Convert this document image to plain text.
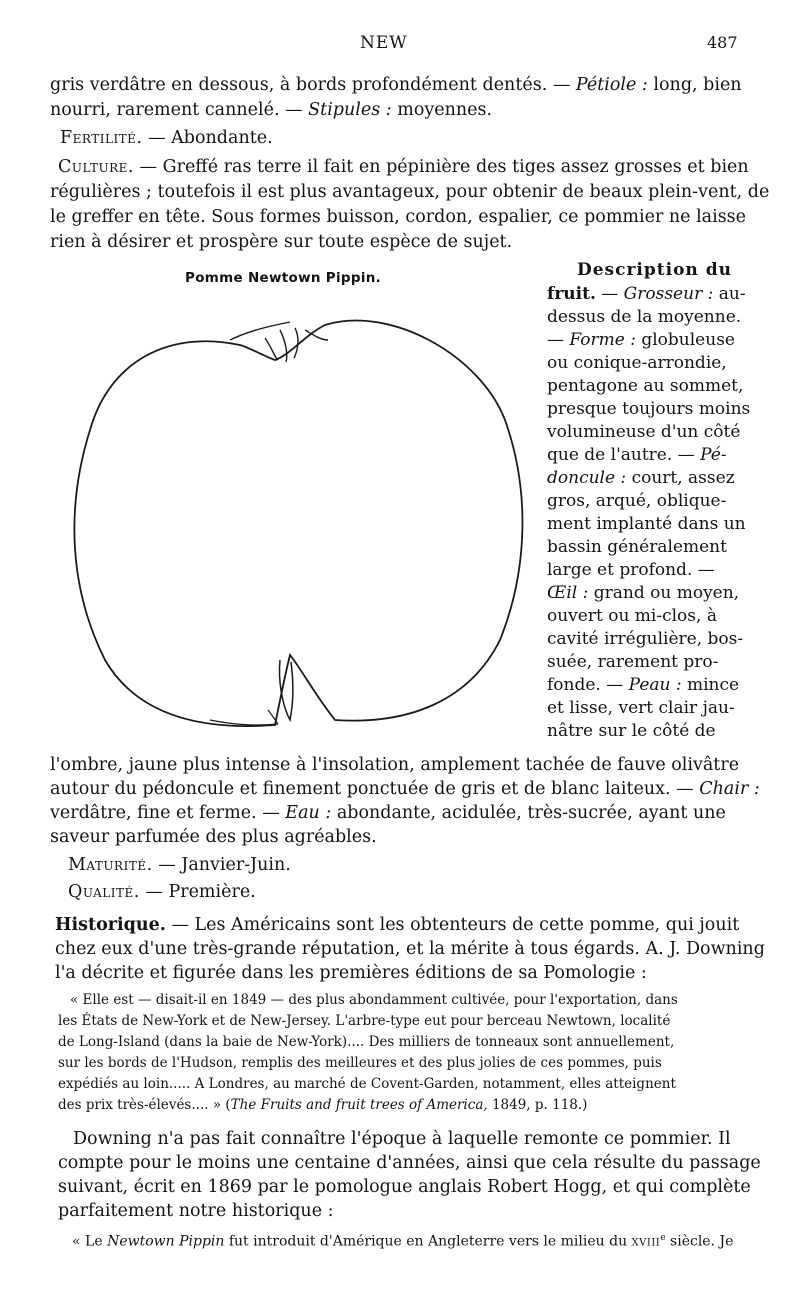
NEW	487
gris verdâtre en dessous, à bords profondément dentés. — Pétiole : long, bien
nourri, rarement cannelé. — Stipules : moyennes.
Fertilité. — Abondante.
Culture. — Greffé ras terre il fait en pépinière des tiges assez grosses et bien
régulières ; toutefois il est plus avantageux, pour obtenir de beaux plein-vent, de
le greffer en tête. Sous formes buisson, cordon, espalier, ce pommier ne laisse
rien à désirer et prospère sur toute espèce de sujet.
Pomme Newtown Pippin.	Description du
fruit. — Grosseur : au-
dessus de la moyenne.
— Forme : globuleuse
ou conique-arrondie,
pentagone au sommet,
presque toujours moins
volumineuse d'un côté
que de l'autre. — Pé-
doncule : court, assez
gros, arqué, oblique-
ment implanté dans un
bassin généralement
large et profond. —
Œil : grand ou moyen,
ouvert ou mi-clos, à
cavité irrégulière, bos-
suée, rarement pro-
fonde. — Peau : mince
et lisse, vert clair jau-
nâtre sur le côté de
l'ombre, jaune plus intense à l'insolation, amplement tachée de fauve olivâtre
autour du pédoncule et finement ponctuée de gris et de blanc laiteux. — Chair :
verdâtre, fine et ferme. — Eau : abondante, acidulée, très-sucrée, ayant une
saveur parfumée des plus agréables.
Maturité. — Janvier-Juin.
Qualité. — Première.
Historique. — Les Américains sont les obtenteurs de cette pomme, qui jouit
chez eux d'une très-grande réputation, et la mérite à tous égards. A. J. Downing
l'a décrite et figurée dans les premières éditions de sa Pomologie :
« Elle est — disait-il en 1849 — des plus abondamment cultivée, pour l'exportation, dans
les États de New-York et de New-Jersey. L'arbre-type eut pour berceau Newtown, localité
de Long-Island (dans la baie de New-York).... Des milliers de tonneaux sont annuellement,
sur les bords de l'Hudson, remplis des meilleures et des plus jolies de ces pommes, puis
expédiés au loin..... A Londres, au marché de Covent-Garden, notamment, elles atteignent
des prix très-élevés.... » (The Fruits and fruit trees of America, 1849, p. 118.)
Downing n'a pas fait connaître l'époque à laquelle remonte ce pommier. Il
compte pour le moins une centaine d'années, ainsi que cela résulte du passage
suivant, écrit en 1869 par le pomologue anglais Robert Hogg, et qui complète
parfaitement notre historique :
« Le Newtown Pippin fut introduit d'Amérique en Angleterre vers le milieu du xviii$^e$ siècle. Je
